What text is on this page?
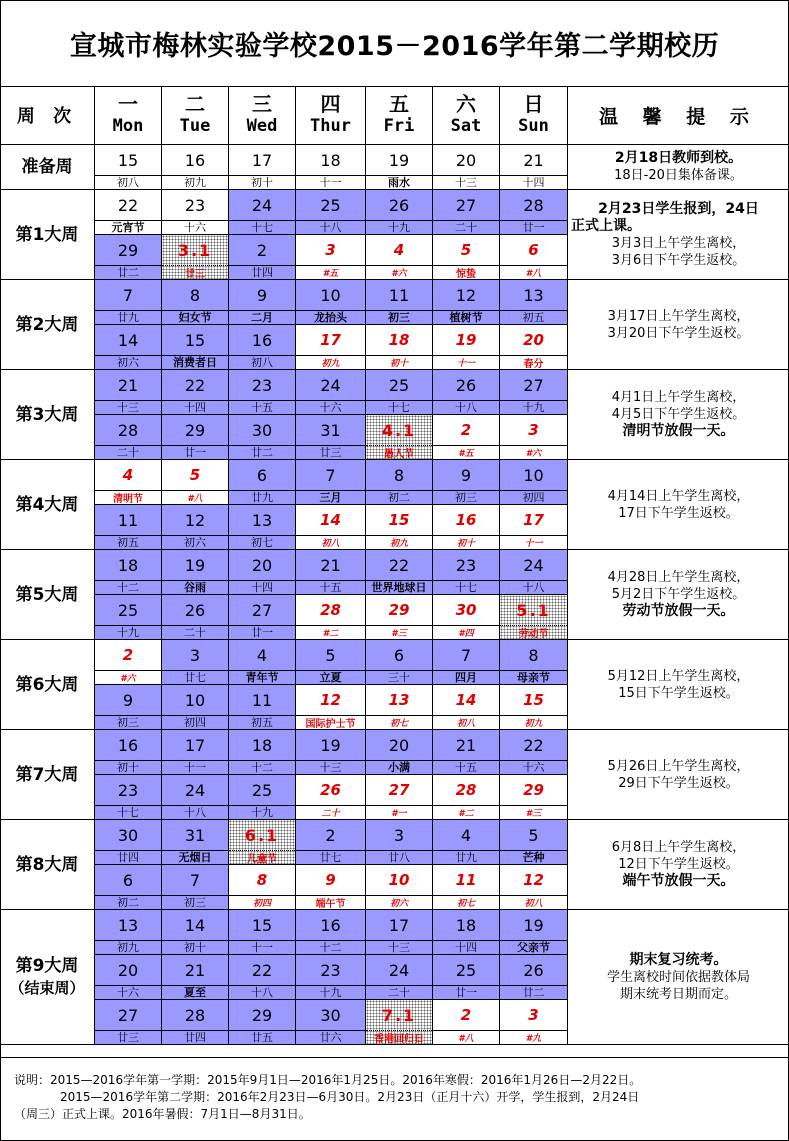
宣城市梅林实验学校2015－2016学年第二学期校历
周 次
一
Mon
二
Tue
三
Wed
四
Thur
五
Fri
六
Sat
日
Sun	温 馨 提 示
准备周	15
初八
16
初九
17
初十
18
十一
19
雨水
20
十三
21
十四
2月18日教师到校。
18日-20日集体备课。
第1大周
22
元宵节
23
十六
24
十七
25
十八
26
十九
27
二十
28
廿一
29
廿二
3.1
廿三
2
廿四
3
#五
4
#六
5
惊蛰
6
#八
2月23日学生报到，24日
正式上课。
3月3日上午学生离校，
3月6日下午学生返校。
第2大周
7
廿九
8
妇女节
9
二月
10
龙抬头
11
初三
12
植树节
13
初五
14
初六
15
消费者日
16
初八
17
初九
18
初十
19
十一
20
春分
3月17日上午学生离校，
3月20日下午学生返校。
第3大周
21
十三
22
十四
23
十五
24
十六
25
十七
26
十八
27
十九
28
二十
29
廿一
30
廿二
31
廿三
4.1
愚人节
2
#五
3
#六
4月1日上午学生离校，
4月5日下午学生返校。
清明节放假一天。
第4大周
4
清明节
5
#八
6
廿九
7
三月
8
初二
9
初三
10
初四
11
初五
12
初六
13
初七
14
初八
15
初九
16
初十
17
十一
4月14日上午学生离校，
17日下午学生返校。
第5大周
18
十二
19
谷雨
20
十四
21
十五
22
世界地球日
23
十七
24
十八
25
十九
26
二十
27
廿一
28
#二
29
#三
30
#四
5.1
劳动节
4月28日上午学生离校，
5月2日下午学生返校。
劳动节放假一天。
第6大周
2
#六
3
廿七
4
青年节
5
立夏
6
三十
7
四月
8
母亲节
9
初三
10
初四
11
初五
12
国际护士节
13
初七
14
初八
15
初九
5月12日上午学生离校，
15日下午学生返校。
第7大周
16
初十
17
十一
18
十二
19
十三
20
小满
21
十五
22
十六
23
十七
24
十八
25
十九
26
二十
27
#一
28
#二
29
#三
5月26日上午学生离校，
29日下午学生返校。
第8大周
30
廿四
31
无烟日
6.1
儿童节
2
廿七
3
廿八
4
廿九
5
芒种
6
初二
7
初三
8
初四
9
端午节
10
初六
11
初七
12
初八
6月8日上午学生离校，
12日下午学生返校。
端午节放假一天。
第9大周
（结束周）
13
初九
14
初十
15
十一
16
十二
17
十三
18
十四
19
父亲节
20
十六
21
夏至
22
十八
23
十九
24
二十
25
廿一
26
廿二
27
廿三
28
廿四
29
廿五
30
廿六
7.1
香港回归日
2
#八
3
#九
期末复习统考。
学生离校时间依据教体局
期末统考日期而定。
说明：2015—2016学年第一学期：2015年9月1日—2016年1月25日。2016年寒假：2016年1月26日—2月22日。
2015—2016学年第二学期：2016年2月23日—6月30日。2月23日（正月十六）开学，学生报到，2月24日
（周三）正式上课。2016年暑假：7月1日—8月31日。
